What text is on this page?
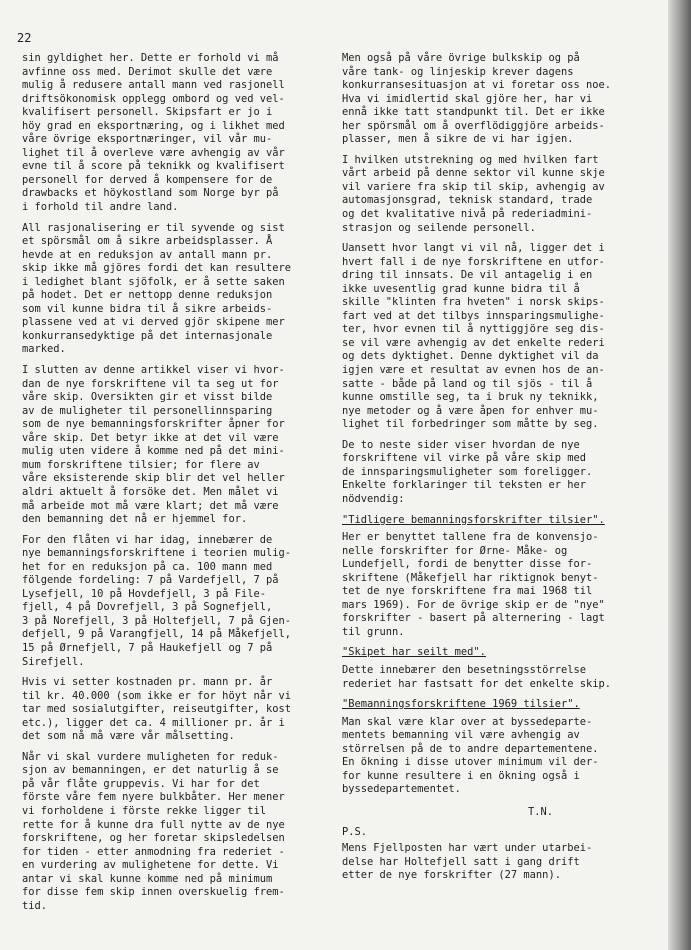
22

sin gyldighet her. Dette er forhold vi må
avfinne oss med. Derimot skulle det være
mulig å redusere antall mann ved rasjonell
driftsökonomisk opplegg ombord og ved vel-
kvalifisert personell. Skipsfart er jo i
höy grad en eksportnæring, og i likhet med
våre övrige eksportnæringer, vil vår mu-
lighet til å overleve være avhengig av vår
evne til å score på teknikk og kvalifisert
personell for derved å kompensere for de
drawbacks et höykostland som Norge byr på
i forhold til andre land.

All rasjonalisering er til syvende og sist
et spörsmål om å sikre arbeidsplasser. Å
hevde at en reduksjon av antall mann pr.
skip ikke må gjöres fordi det kan resultere
i ledighet blant sjöfolk, er å sette saken
på hodet. Det er nettopp denne reduksjon
som vil kunne bidra til å sikre arbeids-
plassene ved at vi derved gjör skipene mer
konkurransedyktige på det internasjonale
marked.

I slutten av denne artikkel viser vi hvor-
dan de nye forskriftene vil ta seg ut for
våre skip. Oversikten gir et visst bilde
av de muligheter til personellinnsparing
som de nye bemanningsforskrifter åpner for
våre skip. Det betyr ikke at det vil være
mulig uten videre å komme ned på det mini-
mum forskriftene tilsier; for flere av
våre eksisterende skip blir det vel heller
aldri aktuelt å forsöke det. Men målet vi
må arbeide mot må være klart; det må være
den bemanning det nå er hjemmel for.

For den flåten vi har idag, innebærer de
nye bemanningsforskriftene i teorien mulig-
het for en reduksjon på ca. 100 mann med
fölgende fordeling: 7 på Vardefjell, 7 på
Lysefjell, 10 på Hovdefjell, 3 på File-
fjell, 4 på Dovrefjell, 3 på Sognefjell,
3 på Norefjell, 3 på Holtefjell, 7 på Gjen-
defjell, 9 på Varangfjell, 14 på Måkefjell,
15 på Ørnefjell, 7 på Haukefjell og 7 på
Sirefjell.

Hvis vi setter kostnaden pr. mann pr. år
til kr. 40.000 (som ikke er for höyt når vi
tar med sosialutgifter, reiseutgifter, kost
etc.), ligger det ca. 4 millioner pr. år i
det som nå må være vår målsetting.

Når vi skal vurdere muligheten for reduk-
sjon av bemanningen, er det naturlig å se
på vår flåte gruppevis. Vi har for det
förste våre fem nyere bulkbåter. Her mener
vi forholdene i förste rekke ligger til
rette for å kunne dra full nytte av de nye
forskriftene, og her foretar skipsledelsen
for tiden - etter anmodning fra rederiet -
en vurdering av mulighetene for dette. Vi
antar vi skal kunne komme ned på minimum
for disse fem skip innen overskuelig frem-
tid.

Men også på våre övrige bulkskip og på
våre tank- og linjeskip krever dagens
konkurransesituasjon at vi foretar oss noe.
Hva vi imidlertid skal gjöre her, har vi
ennå ikke tatt standpunkt til. Det er ikke
her spörsmål om å overflödiggjöre arbeids-
plasser, men å sikre de vi har igjen.

I hvilken utstrekning og med hvilken fart
vårt arbeid på denne sektor vil kunne skje
vil variere fra skip til skip, avhengig av
automasjonsgrad, teknisk standard, trade
og det kvalitative nivå på rederiadmini-
strasjon og seilende personell.

Uansett hvor langt vi vil nå, ligger det i
hvert fall i de nye forskriftene en utfor-
dring til innsats. De vil antagelig i en
ikke uvesentlig grad kunne bidra til å
skille "klinten fra hveten" i norsk skips-
fart ved at det tilbys innsparingsmulighe-
ter, hvor evnen til å nyttiggjöre seg dis-
se vil være avhengig av det enkelte rederi
og dets dyktighet. Denne dyktighet vil da
igjen være et resultat av evnen hos de an-
satte - både på land og til sjös - til å
kunne omstille seg, ta i bruk ny teknikk,
nye metoder og å være åpen for enhver mu-
lighet til forbedringer som måtte by seg.

De to neste sider viser hvordan de nye
forskriftene vil virke på våre skip med
de innsparingsmuligheter som foreligger.
Enkelte forklaringer til teksten er her
nödvendig:

"Tidligere bemanningsforskrifter tilsier".

Her er benyttet tallene fra de konvensjo-
nelle forskrifter for Ørne- Måke- og
Lundefjell, fordi de benytter disse for-
skriftene (Måkefjell har riktignok benyt-
tet de nye forskriftene fra mai 1968 til
mars 1969). For de övrige skip er de "nye"
forskrifter - basert på alternering - lagt
til grunn.

"Skipet har seilt med".

Dette innebærer den besetningsstörrelse
rederiet har fastsatt for det enkelte skip.

"Bemanningsforskriftene 1969 tilsier".

Man skal være klar over at byssedeparte-
mentets bemanning vil være avhengig av
störrelsen på de to andre departementene.
En ökning i disse utover minimum vil der-
for kunne resultere i en ökning også i
byssedepartementet.

T.N.

P.S.

Mens Fjellposten har vært under utarbei-
delse har Holtefjell satt i gang drift
etter de nye forskrifter (27 mann).
